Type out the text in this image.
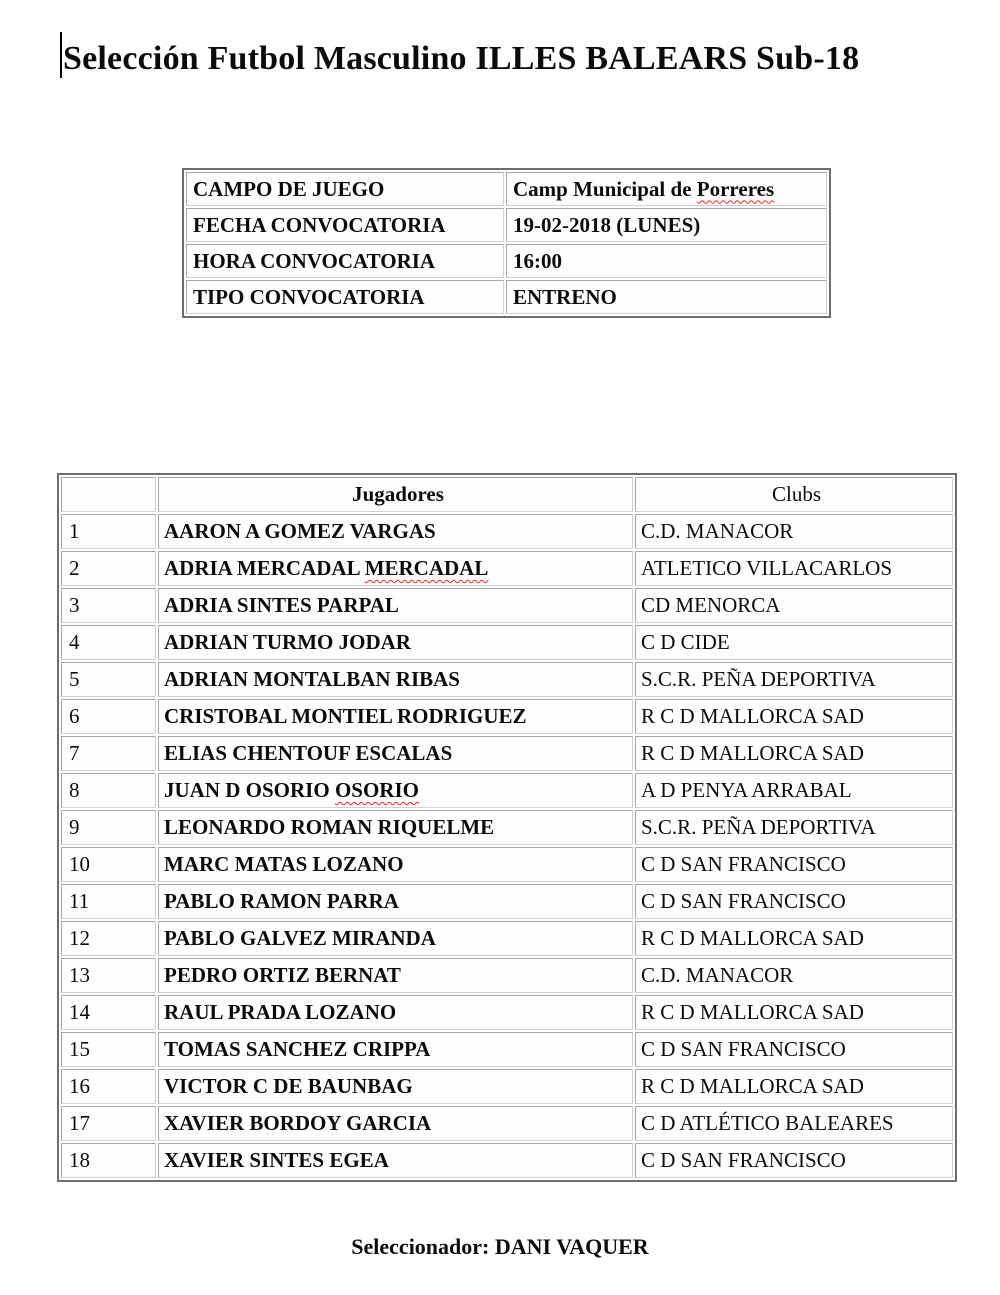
Selección Futbol Masculino ILLES BALEARS Sub-18
CAMPO DE JUEGO	Camp Municipal de Porreres
FECHA CONVOCATORIA	19-02-2018 (LUNES)
HORA CONVOCATORIA	16:00
TIPO CONVOCATORIA	ENTRENO
	Jugadores	Clubs
1	AARON A GOMEZ VARGAS	C.D. MANACOR
2	ADRIA MERCADAL MERCADAL	ATLETICO VILLACARLOS
3	ADRIA SINTES PARPAL	CD MENORCA
4	ADRIAN TURMO JODAR	C D CIDE
5	ADRIAN MONTALBAN RIBAS	S.C.R. PEÑA DEPORTIVA
6	CRISTOBAL MONTIEL RODRIGUEZ	R C D MALLORCA SAD
7	ELIAS CHENTOUF ESCALAS	R C D MALLORCA SAD
8	JUAN D OSORIO OSORIO	A D PENYA ARRABAL
9	LEONARDO ROMAN RIQUELME	S.C.R. PEÑA DEPORTIVA
10	MARC MATAS LOZANO	C D SAN FRANCISCO
11	PABLO RAMON PARRA	C D SAN FRANCISCO
12	PABLO GALVEZ MIRANDA	R C D MALLORCA SAD
13	PEDRO ORTIZ BERNAT	C.D. MANACOR
14	RAUL PRADA LOZANO	R C D MALLORCA SAD
15	TOMAS SANCHEZ CRIPPA	C D SAN FRANCISCO
16	VICTOR C DE BAUNBAG	R C D MALLORCA SAD
17	XAVIER BORDOY GARCIA	C D ATLÉTICO BALEARES
18	XAVIER SINTES EGEA	C D SAN FRANCISCO
Seleccionador: DANI VAQUER
